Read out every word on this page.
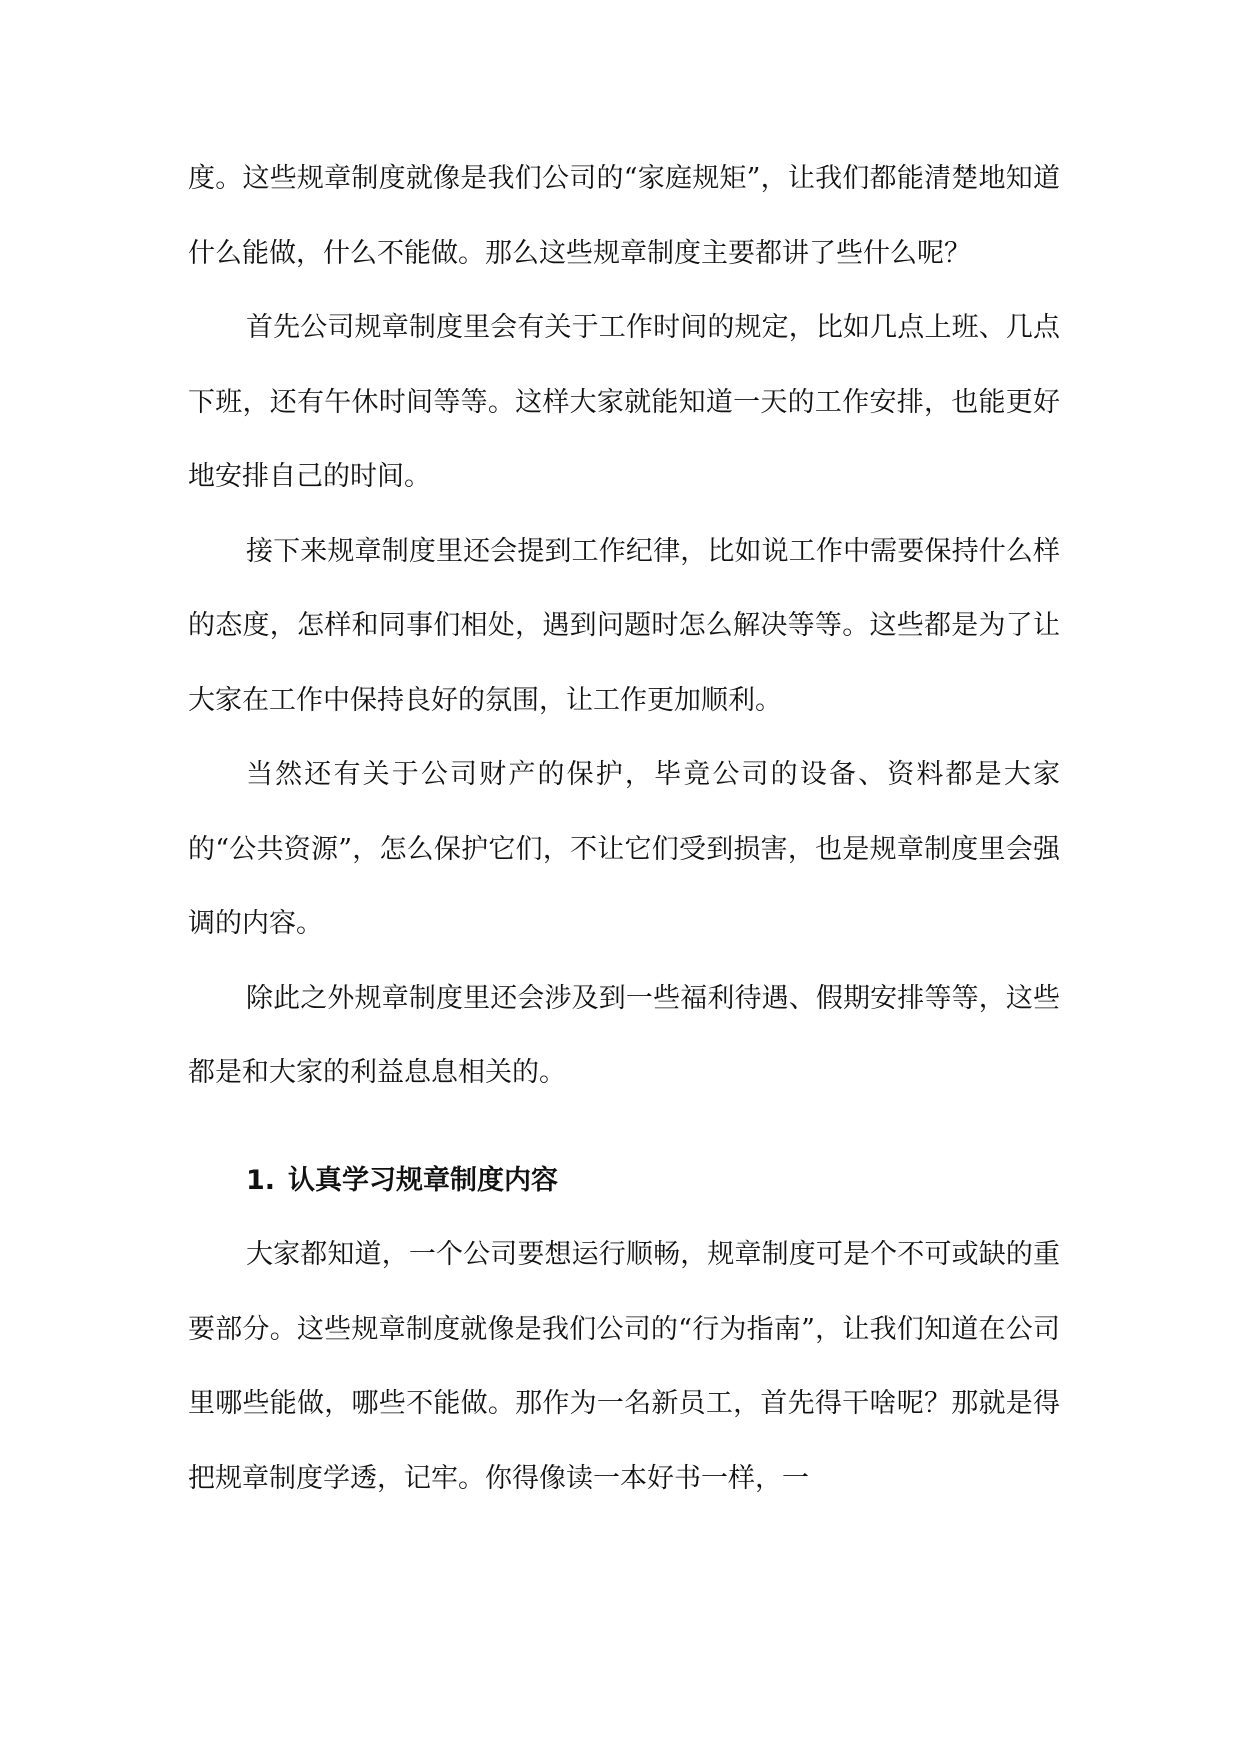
度。这些规章制度就像是我们公司的“家庭规矩”，让我们都能清楚地知道什么能做，什么不能做。那么这些规章制度主要都讲了些什么呢？

首先公司规章制度里会有关于工作时间的规定，比如几点上班、几点下班，还有午休时间等等。这样大家就能知道一天的工作安排，也能更好地安排自己的时间。

接下来规章制度里还会提到工作纪律，比如说工作中需要保持什么样的态度，怎样和同事们相处，遇到问题时怎么解决等等。这些都是为了让大家在工作中保持良好的氛围，让工作更加顺利。

当然还有关于公司财产的保护，毕竟公司的设备、资料都是大家的“公共资源”，怎么保护它们，不让它们受到损害，也是规章制度里会强调的内容。

除此之外规章制度里还会涉及到一些福利待遇、假期安排等等，这些都是和大家的利益息息相关的。

1. 认真学习规章制度内容

大家都知道，一个公司要想运行顺畅，规章制度可是个不可或缺的重要部分。这些规章制度就像是我们公司的“行为指南”，让我们知道在公司里哪些能做，哪些不能做。那作为一名新员工，首先得干啥呢？那就是得把规章制度学透，记牢。你得像读一本好书一样，一
